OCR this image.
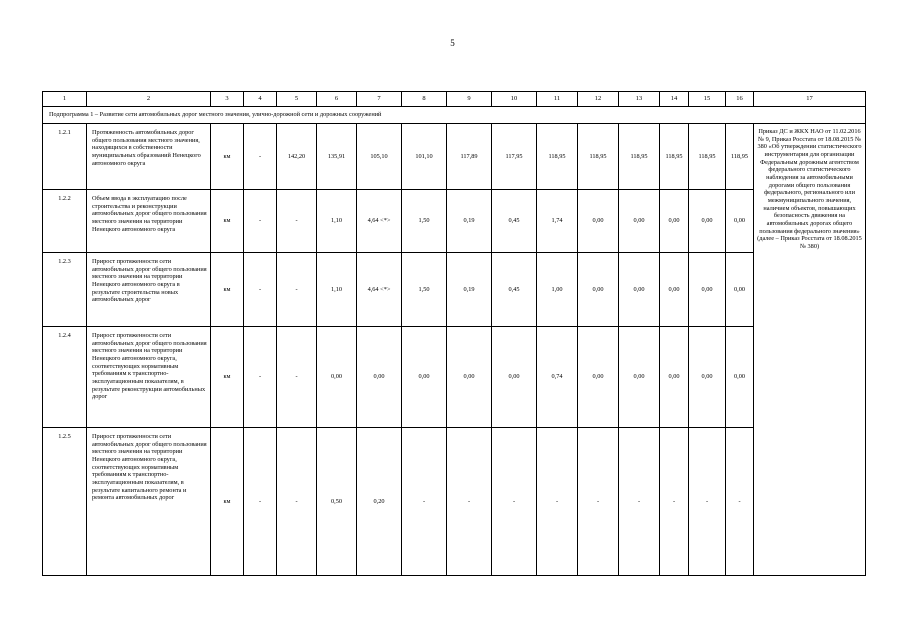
5
1	2	3	4	5	6	7	8	9	10	11	12	13	14	15	16	17
Подпрограмма 1 – Развитие сети автомобильных дорог местного значения, улично-дорожной сети и дорожных сооружений																
1.2.1	Протяженность автомобильных дорог общего пользования местного значения, находящихся в собственности муниципальных образований Ненецкого автономного округа	км	-	142,20	135,91	105,10	101,10	117,89	117,95	118,95	118,95	118,95	118,95	118,95	118,95	Приказ ДС и ЖКХ НАО от 11.02.2016 № 9, Приказ Росстата от 18.08.2015 № 380 «Об утверждении статистического инструментария для организации Федеральным дорожным агентством федерального статистического наблюдения за автомобильными дорогами общего пользования федерального, регионального или межмуниципального значения, наличием объектов, повышающих безопасность движения на автомобильных дорогах общего пользования федерального значения» (далее – Приказ Росстата от 18.08.2015 № 380)
1.2.2	Объем ввода в эксплуатацию после строительства и реконструкции автомобильных дорог общего пользования местного значения на территории Ненецкого автономного округа	км	-	-	1,10	4,64 <*>	1,50	0,19	0,45	1,74	0,00	0,00	0,00	0,00	0,00	
1.2.3	Прирост протяженности сети автомобильных дорог общего пользования местного значения на территории Ненецкого автономного округа в результате строительства новых автомобильных дорог	км	-	-	1,10	4,64 <*>	1,50	0,19	0,45	1,00	0,00	0,00	0,00	0,00	0,00	
1.2.4	Прирост протяженности сети автомобильных дорог общего пользования местного значения на территории Ненецкого автономного округа, соответствующих нормативным требованиям к транспортно-эксплуатационным показателям, в результате реконструкции автомобильных дорог	км	-	-	0,00	0,00	0,00	0,00	0,00	0,74	0,00	0,00	0,00	0,00	0,00	
1.2.5	Прирост протяженности сети автомобильных дорог общего пользования местного значения на территории Ненецкого автономного округа, соответствующих нормативным требованиям к транспортно-эксплуатационным показателям, в результате капитального ремонта и ремонта автомобильных дорог	км	-	-	0,50	0,20	-	-	-	-	-	-	-	-	-	
